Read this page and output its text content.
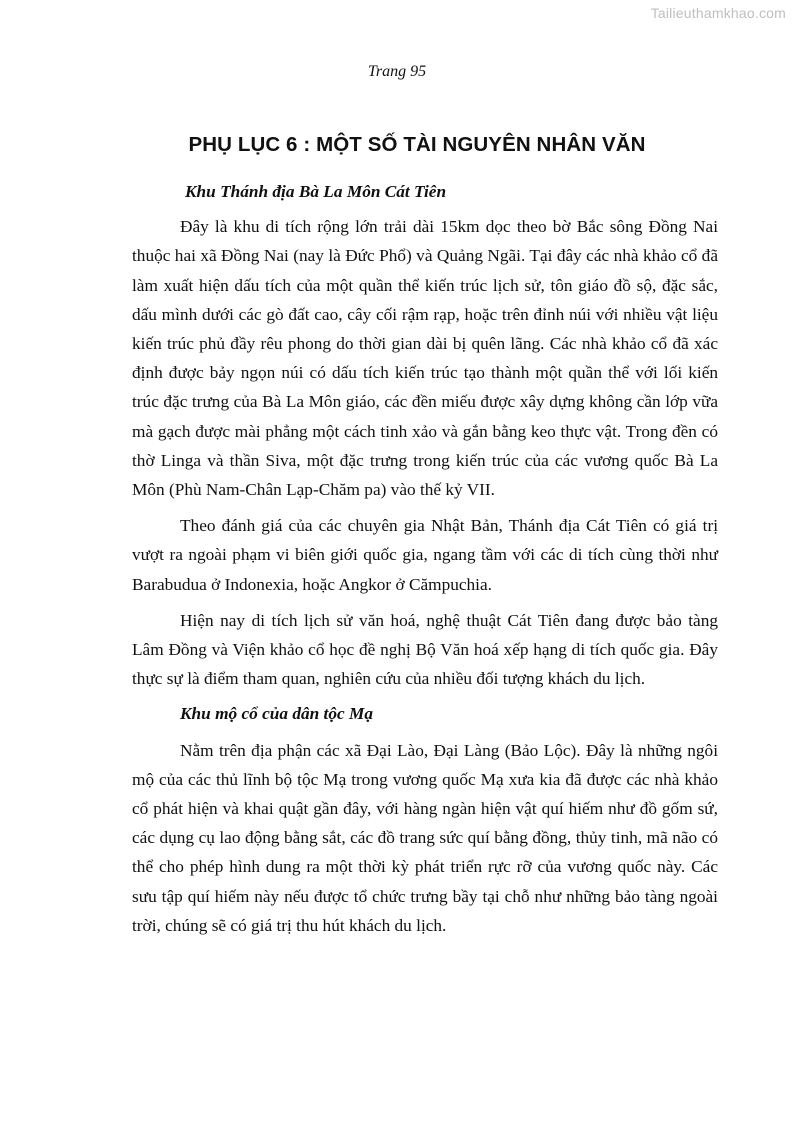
Tailieuthamkhao.com
Trang 95
PHỤ LỤC 6 : MỘT SỐ TÀI NGUYÊN NHÂN VĂN

Khu Thánh địa Bà La Môn Cát Tiên

Đây là khu di tích rộng lớn trải dài 15km dọc theo bờ Bắc sông Đồng Nai thuộc hai xã Đồng Nai (nay là Đức Phổ) và Quảng Ngãi. Tại đây các nhà khảo cổ đã làm xuất hiện dấu tích của một quần thể kiến trúc lịch sử, tôn giáo đồ sộ, đặc sắc, dấu mình dưới các gò đất cao, cây cối rậm rạp, hoặc trên đỉnh núi với nhiều vật liệu kiến trúc phủ đầy rêu phong do thời gian dài bị quên lãng. Các nhà khảo cổ đã xác định được bảy ngọn núi có dấu tích kiến trúc tạo thành một quần thể với lối kiến trúc đặc trưng của Bà La Môn giáo, các đền miếu được xây dựng không cần lớp vữa mà gạch được mài phẳng một cách tinh xảo và gắn bằng keo thực vật. Trong đền có thờ Linga và thần Siva, một đặc trưng trong kiến trúc của các vương quốc Bà La Môn (Phù Nam-Chân Lạp-Chăm pa) vào thế kỷ VII.

Theo đánh giá của các chuyên gia Nhật Bản, Thánh địa Cát Tiên có giá trị vượt ra ngoài phạm vi biên giới quốc gia, ngang tầm với các di tích cùng thời như Barabudua ở Indonexia, hoặc Angkor ở Cămpuchia.

Hiện nay di tích lịch sử văn hoá, nghệ thuật Cát Tiên đang được bảo tàng Lâm Đồng và Viện khảo cổ học đề nghị Bộ Văn hoá xếp hạng di tích quốc gia. Đây thực sự là điểm tham quan, nghiên cứu của nhiều đối tượng khách du lịch.

Khu mộ cổ của dân tộc Mạ

Nằm trên địa phận các xã Đại Lào, Đại Làng (Bảo Lộc). Đây là những ngôi mộ của các thủ lĩnh bộ tộc Mạ trong vương quốc Mạ xưa kia đã được các nhà khảo cổ phát hiện và khai quật gần đây, với hàng ngàn hiện vật quí hiếm như đồ gốm sứ, các dụng cụ lao động bằng sắt, các đồ trang sức quí bằng đồng, thủy tinh, mã não có thể cho phép hình dung ra một thời kỳ phát triển rực rỡ của vương quốc này. Các sưu tập quí hiếm này nếu được tổ chức trưng bầy tại chỗ như những bảo tàng ngoài trời, chúng sẽ có giá trị thu hút khách du lịch.
